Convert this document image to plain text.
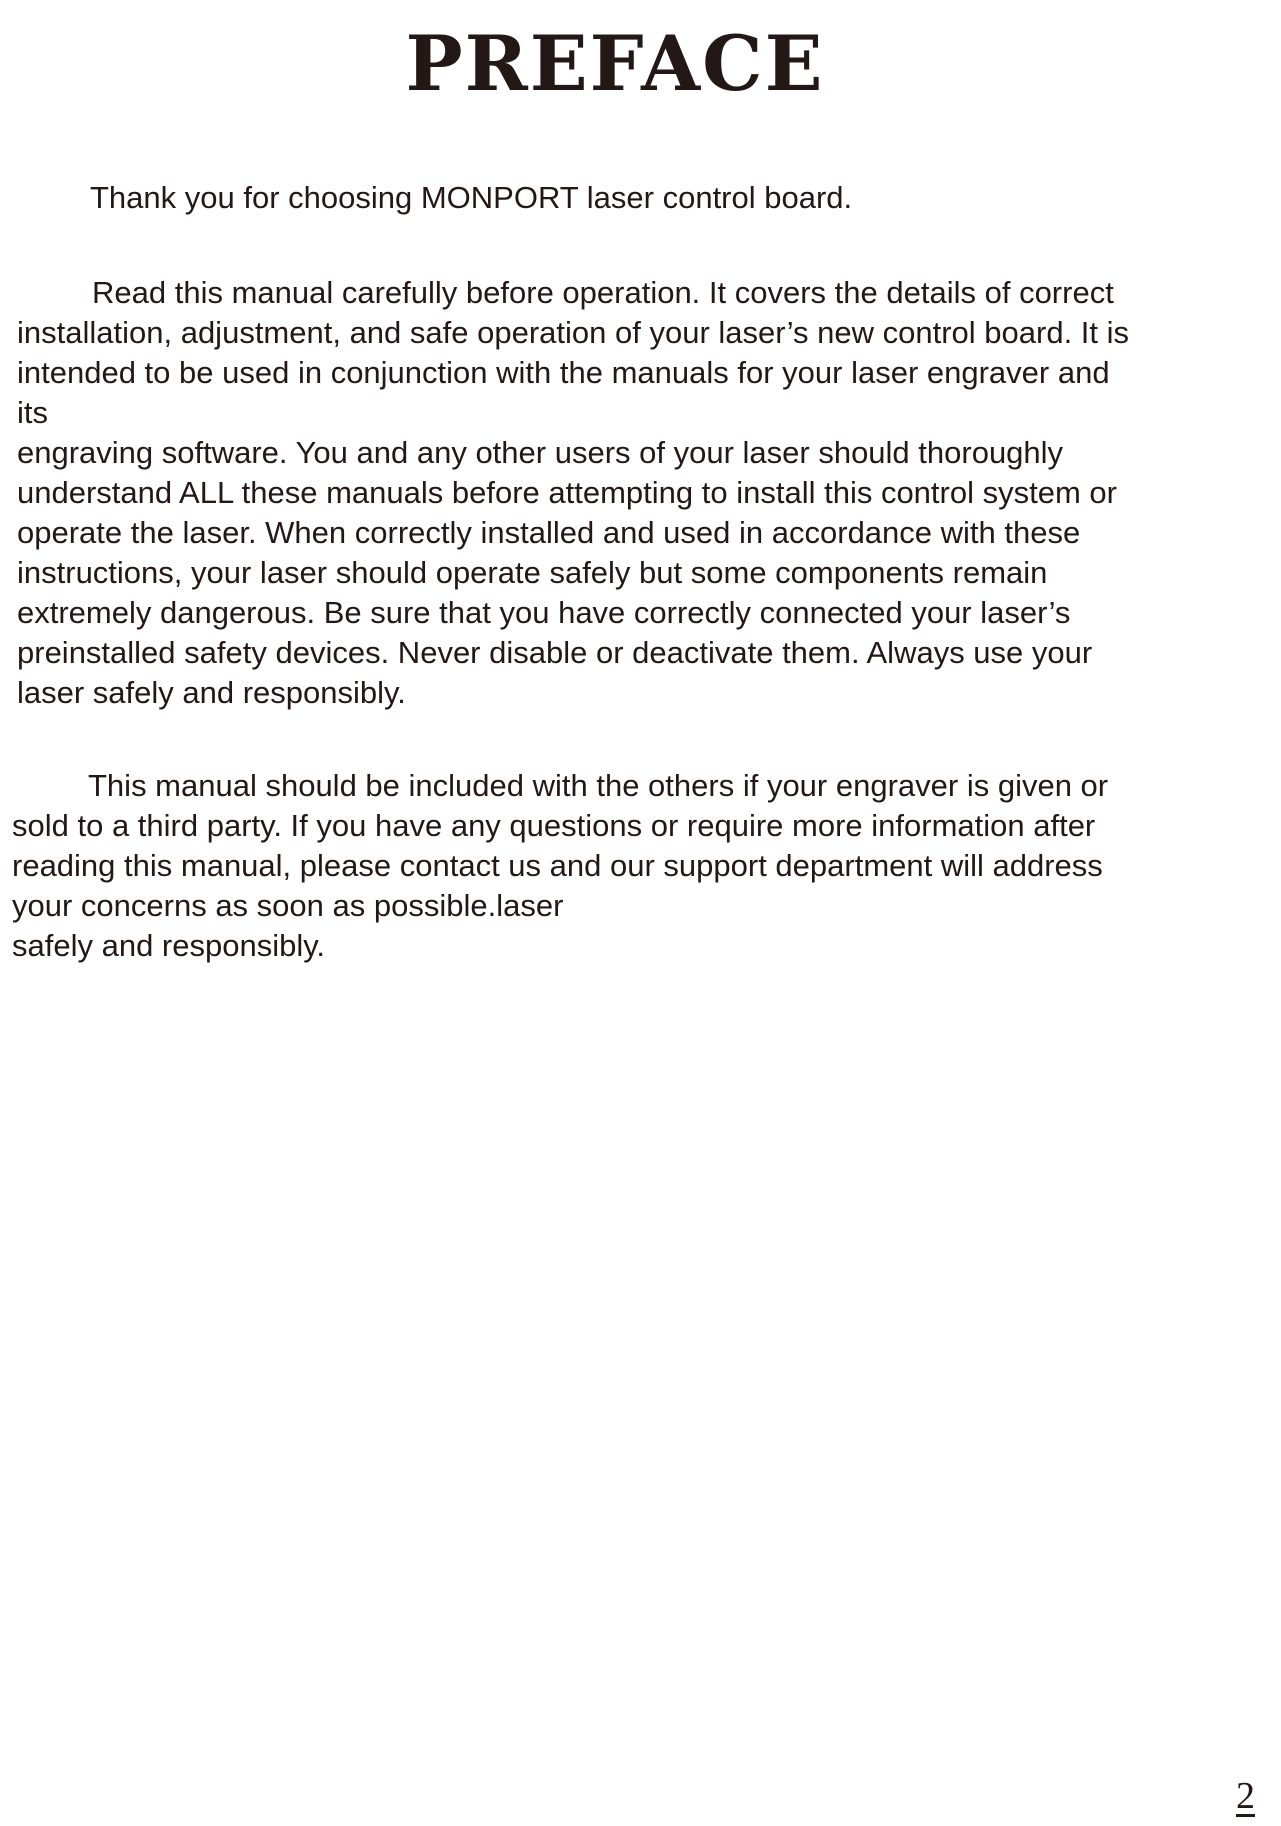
PREFACE

Thank you for choosing MONPORT laser control board.

Read this manual carefully before operation. It covers the details of correct

installation, adjustment, and safe operation of your laser’s new control board. It is

intended to be used in conjunction with the manuals for your laser engraver and

its

engraving software. You and any other users of your laser should thoroughly

understand ALL these manuals before attempting to install this control system or

operate the laser. When correctly installed and used in accordance with these

instructions, your laser should operate safely but some components remain

extremely dangerous. Be sure that you have correctly connected your laser’s

preinstalled safety devices. Never disable or deactivate them. Always use your

laser safely and responsibly.

This manual should be included with the others if your engraver is given or

sold to a third party. If you have any questions or require more information after

reading this manual, please contact us and our support department will address

your concerns as soon as possible.laser

safely and responsibly.

2
